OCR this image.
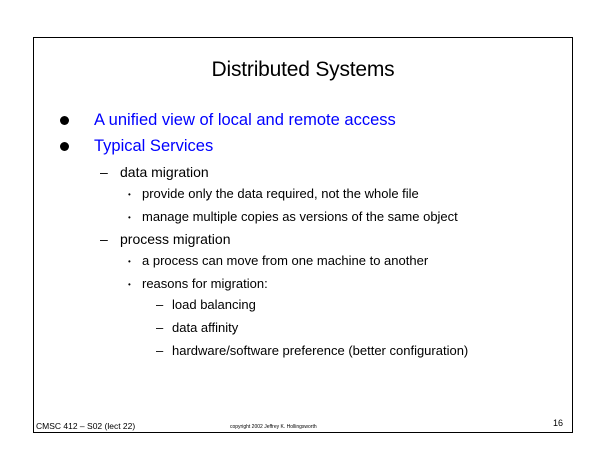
Distributed Systems
A unified view of local and remote access
Typical Services
– data migration
• provide only the data required, not the whole file
• manage multiple copies as versions of the same object
– process migration
• a process can move from one machine to another
• reasons for migration:
– load balancing
– data affinity
– hardware/software preference (better configuration)
CMSC 412 – S02 (lect 22)	copyright 2002 Jeffrey K. Hollingsworth	16
